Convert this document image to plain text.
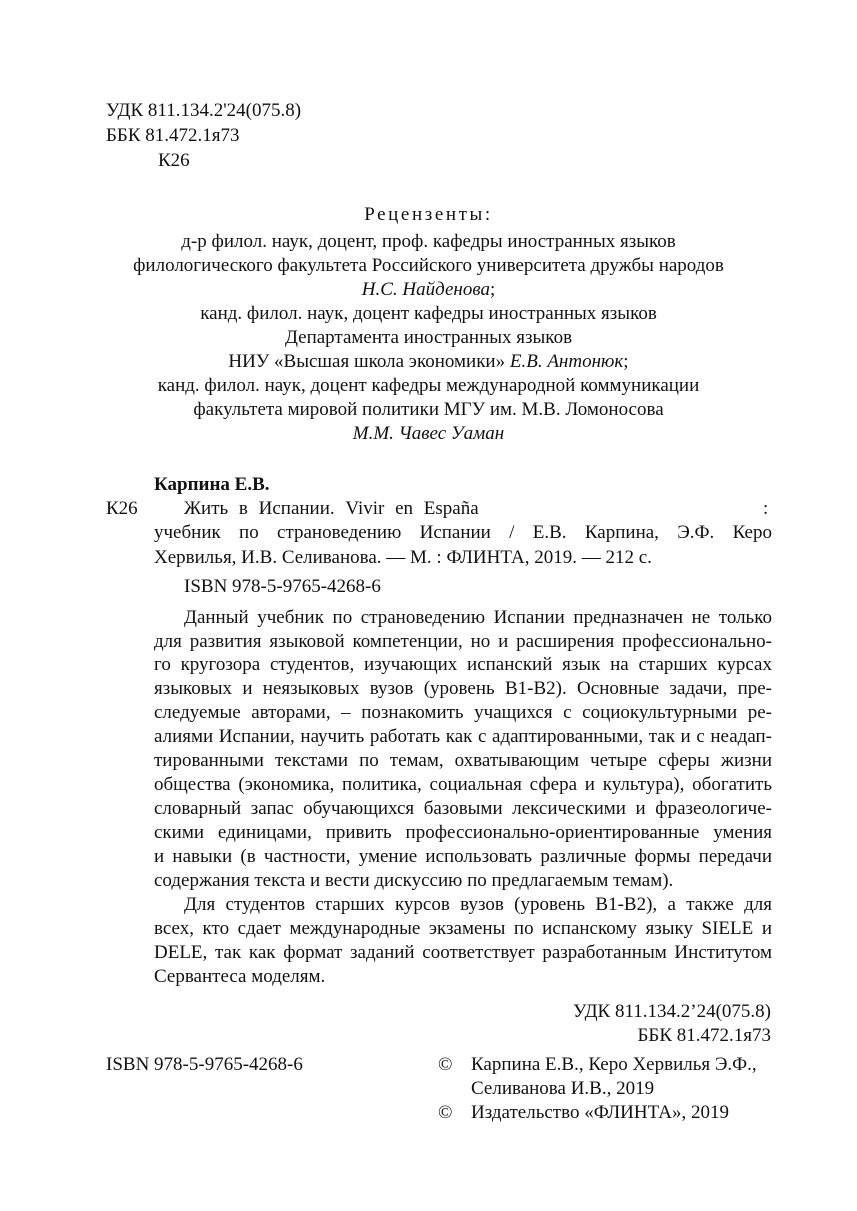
УДК 811.134.2'24(075.8)
ББК 81.472.1я73
К26
Рецензенты:
д-р филол. наук, доцент, проф. кафедры иностранных языков
филологического факультета Российского университета дружбы народов
Н.С. Найденова;
канд. филол. наук, доцент кафедры иностранных языков
Департамента иностранных языков
НИУ «Высшая школа экономики» Е.В. Антонюк;
канд. филол. наук, доцент кафедры международной коммуникации
факультета мировой политики МГУ им. М.В. Ломоносова
М.М. Чавес Уаман
Карпина Е.В.
К26 Жить в Испании. Vivir en España	:
учебник по страноведению Испании / Е.В. Карпина, Э.Ф. Керо
Хервилья, И.В. Селиванова. — М. : ФЛИНТА, 2019. — 212 с.
ISBN 978-5-9765-4268-6
Данный учебник по страноведению Испании предназначен не только
для развития языковой компетенции, но и расширения профессионально-
го кругозора студентов, изучающих испанский язык на старших курсах
языковых и неязыковых вузов (уровень В1-В2). Основные задачи, пре-
следуемые авторами, – познакомить учащихся с социокультурными ре-
алиями Испании, научить работать как с адаптированными, так и с неадап-
тированными текстами по темам, охватывающим четыре сферы жизни
общества (экономика, политика, социальная сфера и культура), обогатить
словарный запас обучающихся базовыми лексическими и фразеологиче-
скими единицами, привить профессионально-ориентированные умения
и навыки (в частности, умение использовать различные формы передачи
содержания текста и вести дискуссию по предлагаемым темам).
Для студентов старших курсов вузов (уровень В1-В2), а также для
всех, кто сдает международные экзамены по испанскому языку SIELE и
DELE, так как формат заданий соответствует разработанным Институтом
Сервантеса моделям.
УДК 811.134.2’24(075.8)
ББК 81.472.1я73
ISBN 978-5-9765-4268-6	© Карпина Е.В., Керо Хервилья Э.Ф.,
Селиванова И.В., 2019
© Издательство «ФЛИНТА», 2019
